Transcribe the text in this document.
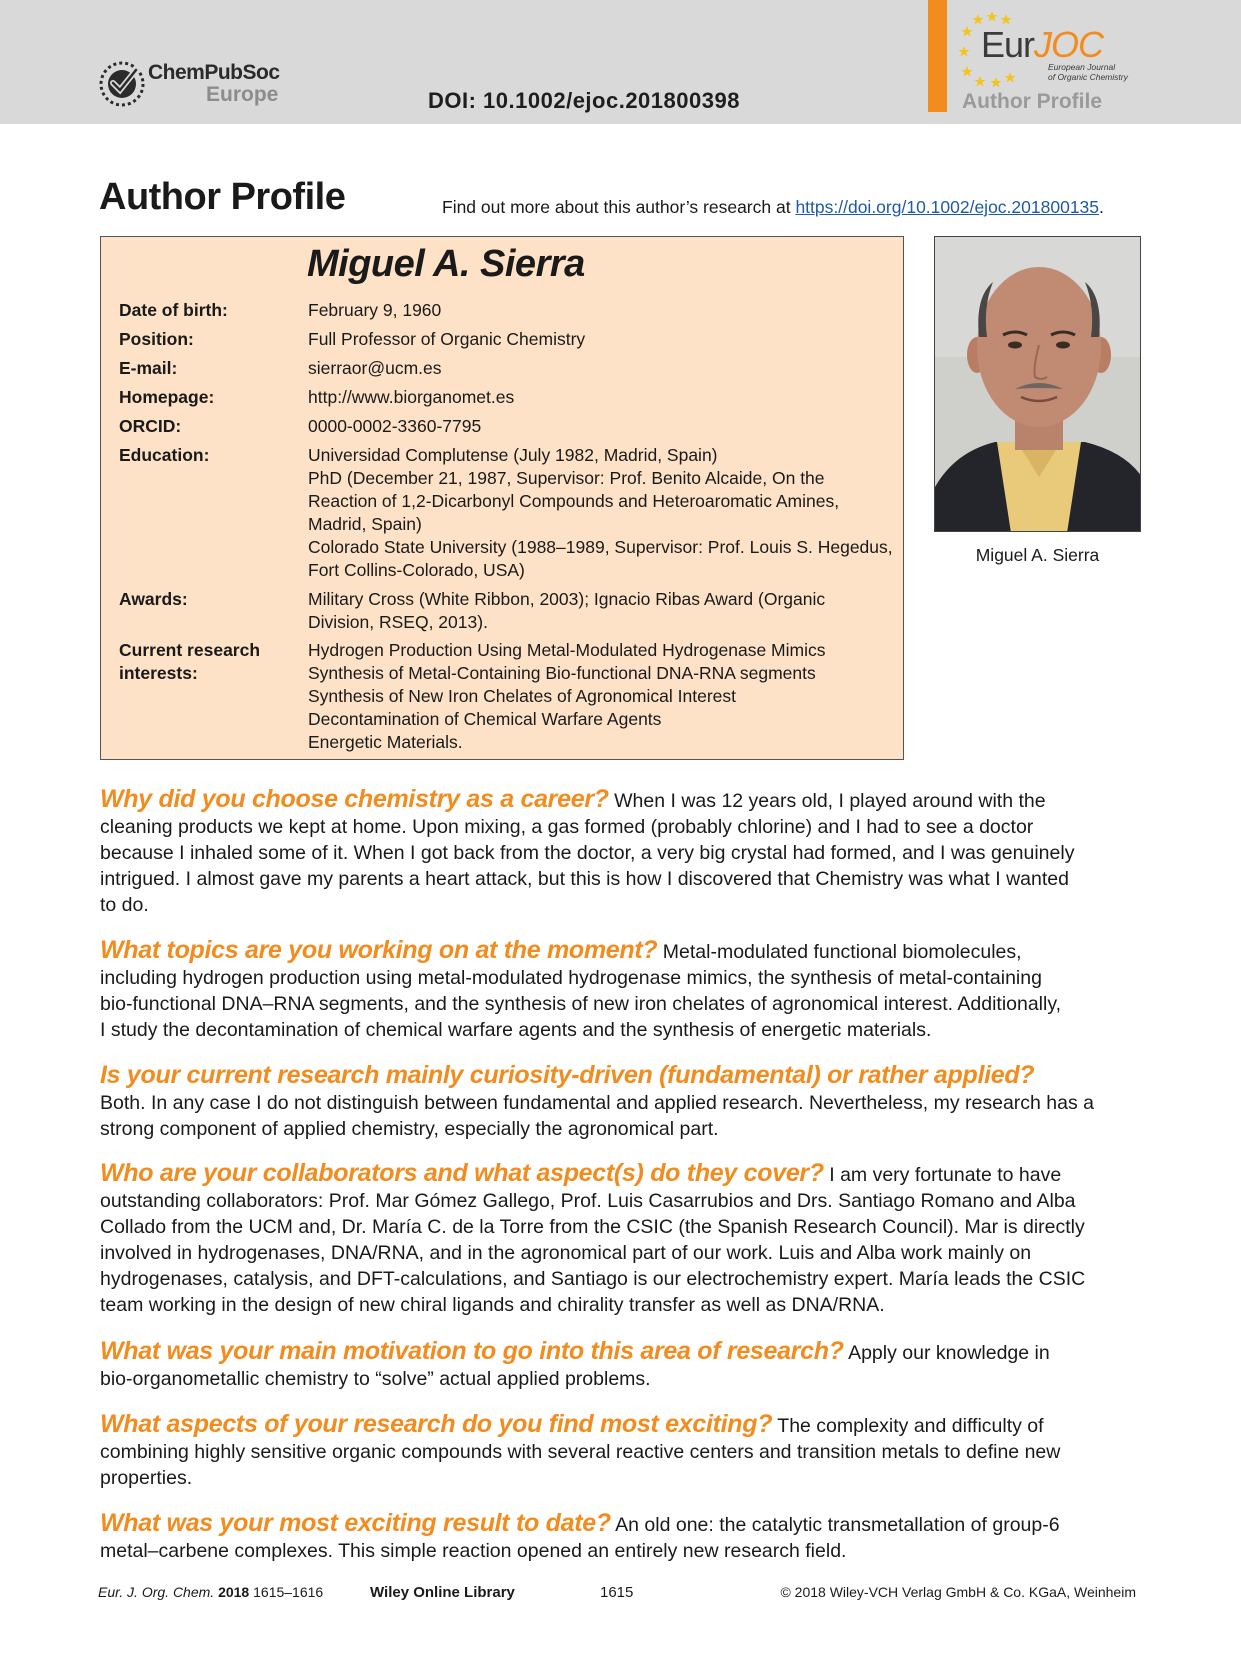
ChemPubSoc
Europe	DOI: 10.1002/ejoc.201800398
EurJOC
European Journal
of Organic Chemistry
Author Profile
Author Profile	Find out more about this author’s research at https://doi.org/10.1002/ejoc.201800135.
Miguel A. Sierra
Date of birth:	February 9, 1960
Position:	Full Professor of Organic Chemistry
E-mail:	sierraor@ucm.es
Homepage:	http://www.biorganomet.es
ORCID:	0000-0002-3360-7795
Education:	Universidad Complutense (July 1982, Madrid, Spain)
PhD (December 21, 1987, Supervisor: Prof. Benito Alcaide, On the
Reaction of 1,2-Dicarbonyl Compounds and Heteroaromatic Amines,
Madrid, Spain)
Colorado State University (1988–1989, Supervisor: Prof. Louis S. Hegedus,
Fort Collins-Colorado, USA)
Awards:	Military Cross (White Ribbon, 2003); Ignacio Ribas Award (Organic
Division, RSEQ, 2013).
Current research
interests:
Hydrogen Production Using Metal-Modulated Hydrogenase Mimics
Synthesis of Metal-Containing Bio-functional DNA-RNA segments
Synthesis of New Iron Chelates of Agronomical Interest
Decontamination of Chemical Warfare Agents
Energetic Materials.
Miguel A. Sierra
Why did you choose chemistry as a career? When I was 12 years old, I played around with the
cleaning products we kept at home. Upon mixing, a gas formed (probably chlorine) and I had to see a doctor
because I inhaled some of it. When I got back from the doctor, a very big crystal had formed, and I was genuinely
intrigued. I almost gave my parents a heart attack, but this is how I discovered that Chemistry was what I wanted
to do.
What topics are you working on at the moment? Metal-modulated functional biomolecules,
including hydrogen production using metal-modulated hydrogenase mimics, the synthesis of metal-containing
bio-functional DNA–RNA segments, and the synthesis of new iron chelates of agronomical interest. Additionally,
I study the decontamination of chemical warfare agents and the synthesis of energetic materials.
Is your current research mainly curiosity-driven (fundamental) or rather applied?
Both. In any case I do not distinguish between fundamental and applied research. Nevertheless, my research has a
strong component of applied chemistry, especially the agronomical part.
Who are your collaborators and what aspect(s) do they cover? I am very fortunate to have
outstanding collaborators: Prof. Mar Gómez Gallego, Prof. Luis Casarrubios and Drs. Santiago Romano and Alba
Collado from the UCM and, Dr. María C. de la Torre from the CSIC (the Spanish Research Council). Mar is directly
involved in hydrogenases, DNA/RNA, and in the agronomical part of our work. Luis and Alba work mainly on
hydrogenases, catalysis, and DFT-calculations, and Santiago is our electrochemistry expert. María leads the CSIC
team working in the design of new chiral ligands and chirality transfer as well as DNA/RNA.
What was your main motivation to go into this area of research? Apply our knowledge in
bio-organometallic chemistry to “solve” actual applied problems.
What aspects of your research do you find most exciting? The complexity and difficulty of
combining highly sensitive organic compounds with several reactive centers and transition metals to define new
properties.
What was your most exciting result to date? An old one: the catalytic transmetallation of group-6
metal–carbene complexes. This simple reaction opened an entirely new research field.
Eur. J. Org. Chem. 2018 1615–1616	Wiley Online Library	1615	© 2018 Wiley-VCH Verlag GmbH & Co. KGaA, Weinheim
